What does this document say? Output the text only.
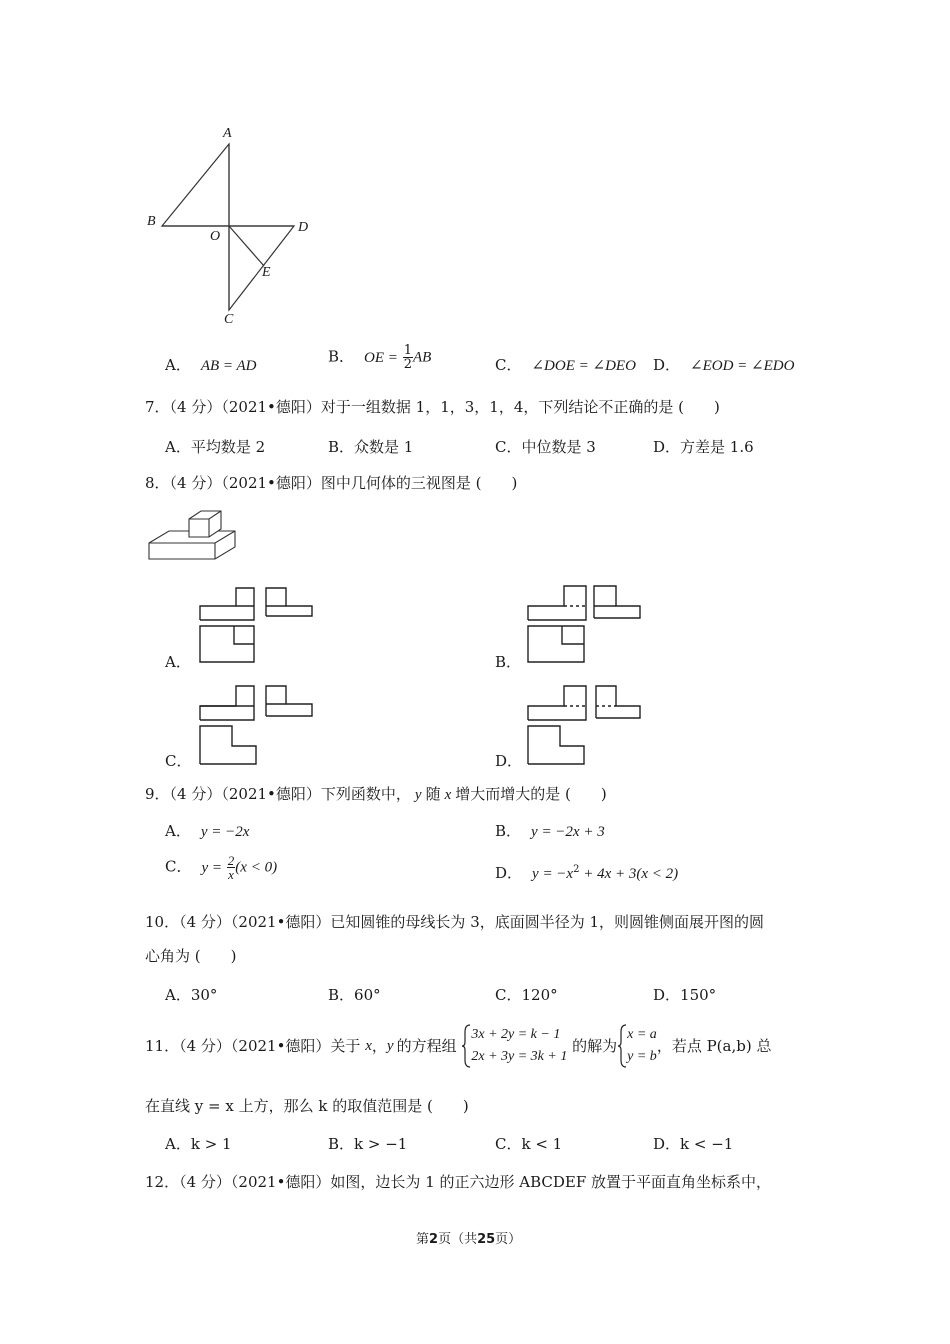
A
B
O
D
E
C
A． AB = AD
B． OE = $\frac{1}{2}$ AB	C． ∠DOE = ∠DEO D． ∠EOD = ∠EDO
7．（4 分）（2021•德阳）对于一组数据 1，1，3，1，4，下列结论不正确的是 (　　)
A．平均数是 2	B．众数是 1	C．中位数是 3	D．方差是 1.6
8．（4 分）（2021•德阳）图中几何体的三视图是 (　　)
A．	B．
C．	D．
9．（4 分）（2021•德阳）下列函数中， y 随 x 增大而增大的是 (　　)
A． y = −2x	B． y = −2x + 3
C． $y = \frac{2}{x} (x < 0)$	D． $y = -x^2 + 4x + 3(x < 2)$
10．（4 分）（2021•德阳）已知圆锥的母线长为 3，底面圆半径为 1，则圆锥侧面展开图的圆
心角为 (　　)
A．30°	B．60°	C．120°	D．150°
11．（4 分）（2021•德阳）关于 x，y 的方程组
3x + 2y = k − 1
2x + 3y = 3k + 1
的解为
x = a
y = b
，若点 P(a,b) 总
在直线 y = x 上方，那么 k 的取值范围是 (　　)
A．k > 1	B．k > −1	C．k < 1	D．k < −1
12．（4 分）（2021•德阳）如图，边长为 1 的正六边形 ABCDEF 放置于平面直角坐标系中，
第2页（共25页）
